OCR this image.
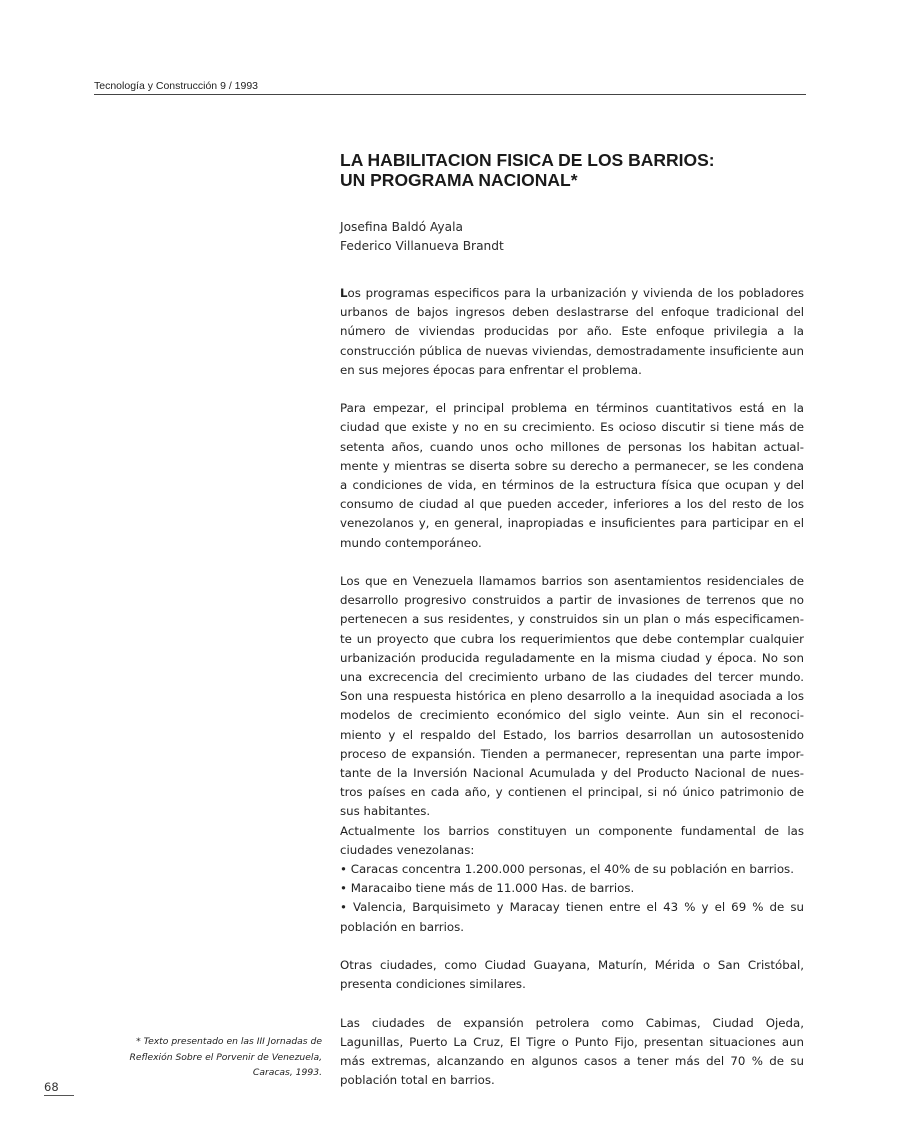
Tecnología y Construcción 9 / 1993
LA HABILITACION FISICA DE LOS BARRIOS:
UN PROGRAMA NACIONAL*
Josefina Baldó Ayala
Federico Villanueva Brandt

Los programas especificos para la urbanización y vivienda de los pobladores urbanos de bajos ingresos deben deslastrarse del enfoque tradicional del número de viviendas producidas por año. Este enfoque privilegia a la construcción pública de nuevas viviendas, demostradamente insuficiente aun en sus mejores épocas para enfrentar el problema.

Para empezar, el principal problema en términos cuantitativos está en la ciudad que existe y no en su crecimiento. Es ocioso discutir si tiene más de setenta años, cuando unos ocho millones de personas los habitan actual-mente y mientras se diserta sobre su derecho a permanecer, se les condena a condiciones de vida, en términos de la estructura física que ocupan y del consumo de ciudad al que pueden acceder, inferiores a los del resto de los venezolanos y, en general, inapropiadas e insuficientes para participar en el mundo contemporáneo.

Los que en Venezuela llamamos barrios son asentamientos residenciales de desarrollo progresivo construidos a partir de invasiones de terrenos que no pertenecen a sus residentes, y construidos sin un plan o más especificamen-te un proyecto que cubra los requerimientos que debe contemplar cualquier urbanización producida reguladamente en la misma ciudad y época. No son una excrecencia del crecimiento urbano de las ciudades del tercer mundo. Son una respuesta histórica en pleno desarrollo a la inequidad asociada a los modelos de crecimiento económico del siglo veinte. Aun sin el reconoci-miento y el respaldo del Estado, los barrios desarrollan un autosostenido proceso de expansión. Tienden a permanecer, representan una parte impor-tante de la Inversión Nacional Acumulada y del Producto Nacional de nues-tros países en cada año, y contienen el principal, si nó único patrimonio de sus habitantes.

Actualmente los barrios constituyen un componente fundamental de las ciudades venezolanas:

• Caracas concentra 1.200.000 personas, el 40% de su población en barrios.
• Maracaibo tiene más de 11.000 Has. de barrios.
• Valencia, Barquisimeto y Maracay tienen entre el 43 % y el 69 % de su población en barrios.

Otras ciudades, como Ciudad Guayana, Maturín, Mérida o San Cristóbal, presenta condiciones similares.

Las ciudades de expansión petrolera como Cabimas, Ciudad Ojeda, Lagunillas, Puerto La Cruz, El Tigre o Punto Fijo, presentan situaciones aun más extremas, alcanzando en algunos casos a tener más del 70 % de su población total en barrios.

* Texto presentado en las III Jornadas de
Reflexión Sobre el Porvenir de Venezuela,
Caracas, 1993.
68
